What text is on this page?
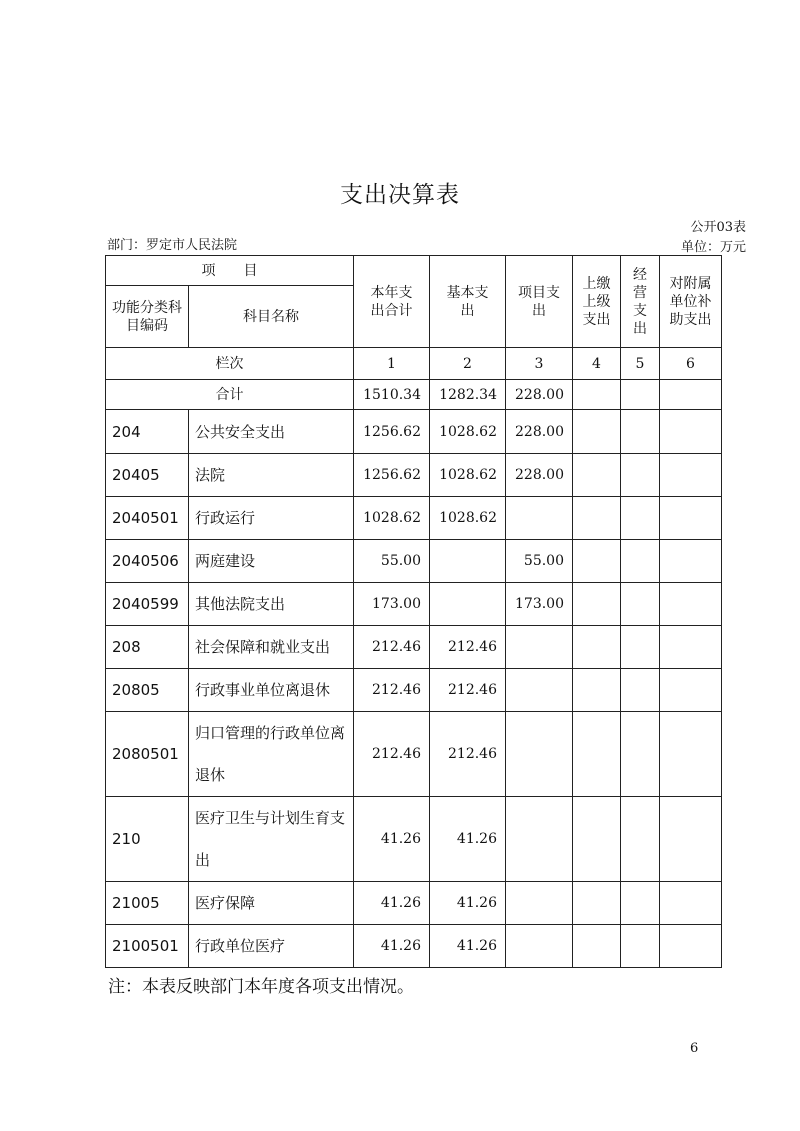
支出决算表
公开03表
部门：罗定市人民法院	单位：万元
项　　目		本年支出合计	基本支出	项目支出	上缴上级支出	经营支出	对附属单位补助支出

功能分类科目编码	科目名称						
栏次		1	2	3	4	5	6
合计		1510.34	1282.34	228.00			
204	公共安全支出	1256.62	1028.62	228.00			
20405	法院	1256.62	1028.62	228.00			
2040501	行政运行	1028.62	1028.62				
2040506	两庭建设	55.00		55.00			
2040599	其他法院支出	173.00		173.00			
208	社会保障和就业支出	212.46	212.46				
20805	行政事业单位离退休	212.46	212.46				
2080501	归口管理的行政单位离退休	212.46	212.46				
210	医疗卫生与计划生育支出	41.26	41.26				
21005	医疗保障	41.26	41.26				
2100501	行政单位医疗	41.26	41.26				
注：本表反映部门本年度各项支出情况。
6
